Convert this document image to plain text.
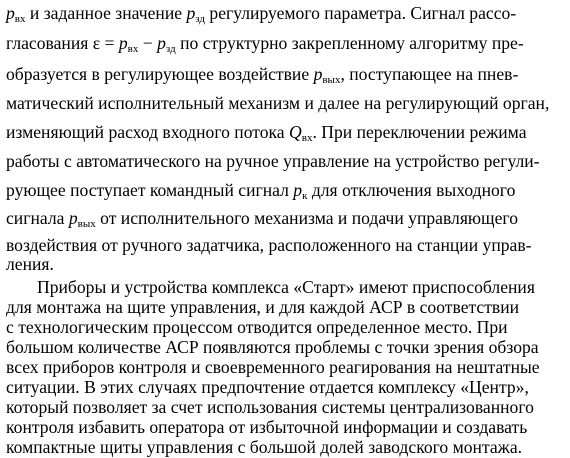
$p_{вх}$ и заданное значение $p_{зд}$ регулируемого параметра. Сигнал рассо-
гласования $\varepsilon = p_{вх} - p_{зд}$ по структурно закрепленному алгоритму пре-
образуется в регулирующее воздействие $p_{вых}$, поступающее на пнев-
матический исполнительный механизм и далее на регулирующий орган,
изменяющий расход входного потока $Q_{вх}$. При переключении режима
работы с автоматического на ручное управление на устройство регули-
рующее поступает командный сигнал $p_к$ для отключения выходного
сигнала $p_{вых}$ от исполнительного механизма и подачи управляющего
воздействия от ручного задатчика, расположенного на станции управ-
ления.
Приборы и устройства комплекса «Старт» имеют приспособления
для монтажа на щите управления, и для каждой АСР в соответствии
с технологическим процессом отводится определенное место. При
большом количестве АСР появляются проблемы с точки зрения обзора
всех приборов контроля и своевременного реагирования на нештатные
ситуации. В этих случаях предпочтение отдается комплексу «Центр»,
который позволяет за счет использования системы централизованного
контроля избавить оператора от избыточной информации и создавать
компактные щиты управления с большой долей заводского монтажа.
